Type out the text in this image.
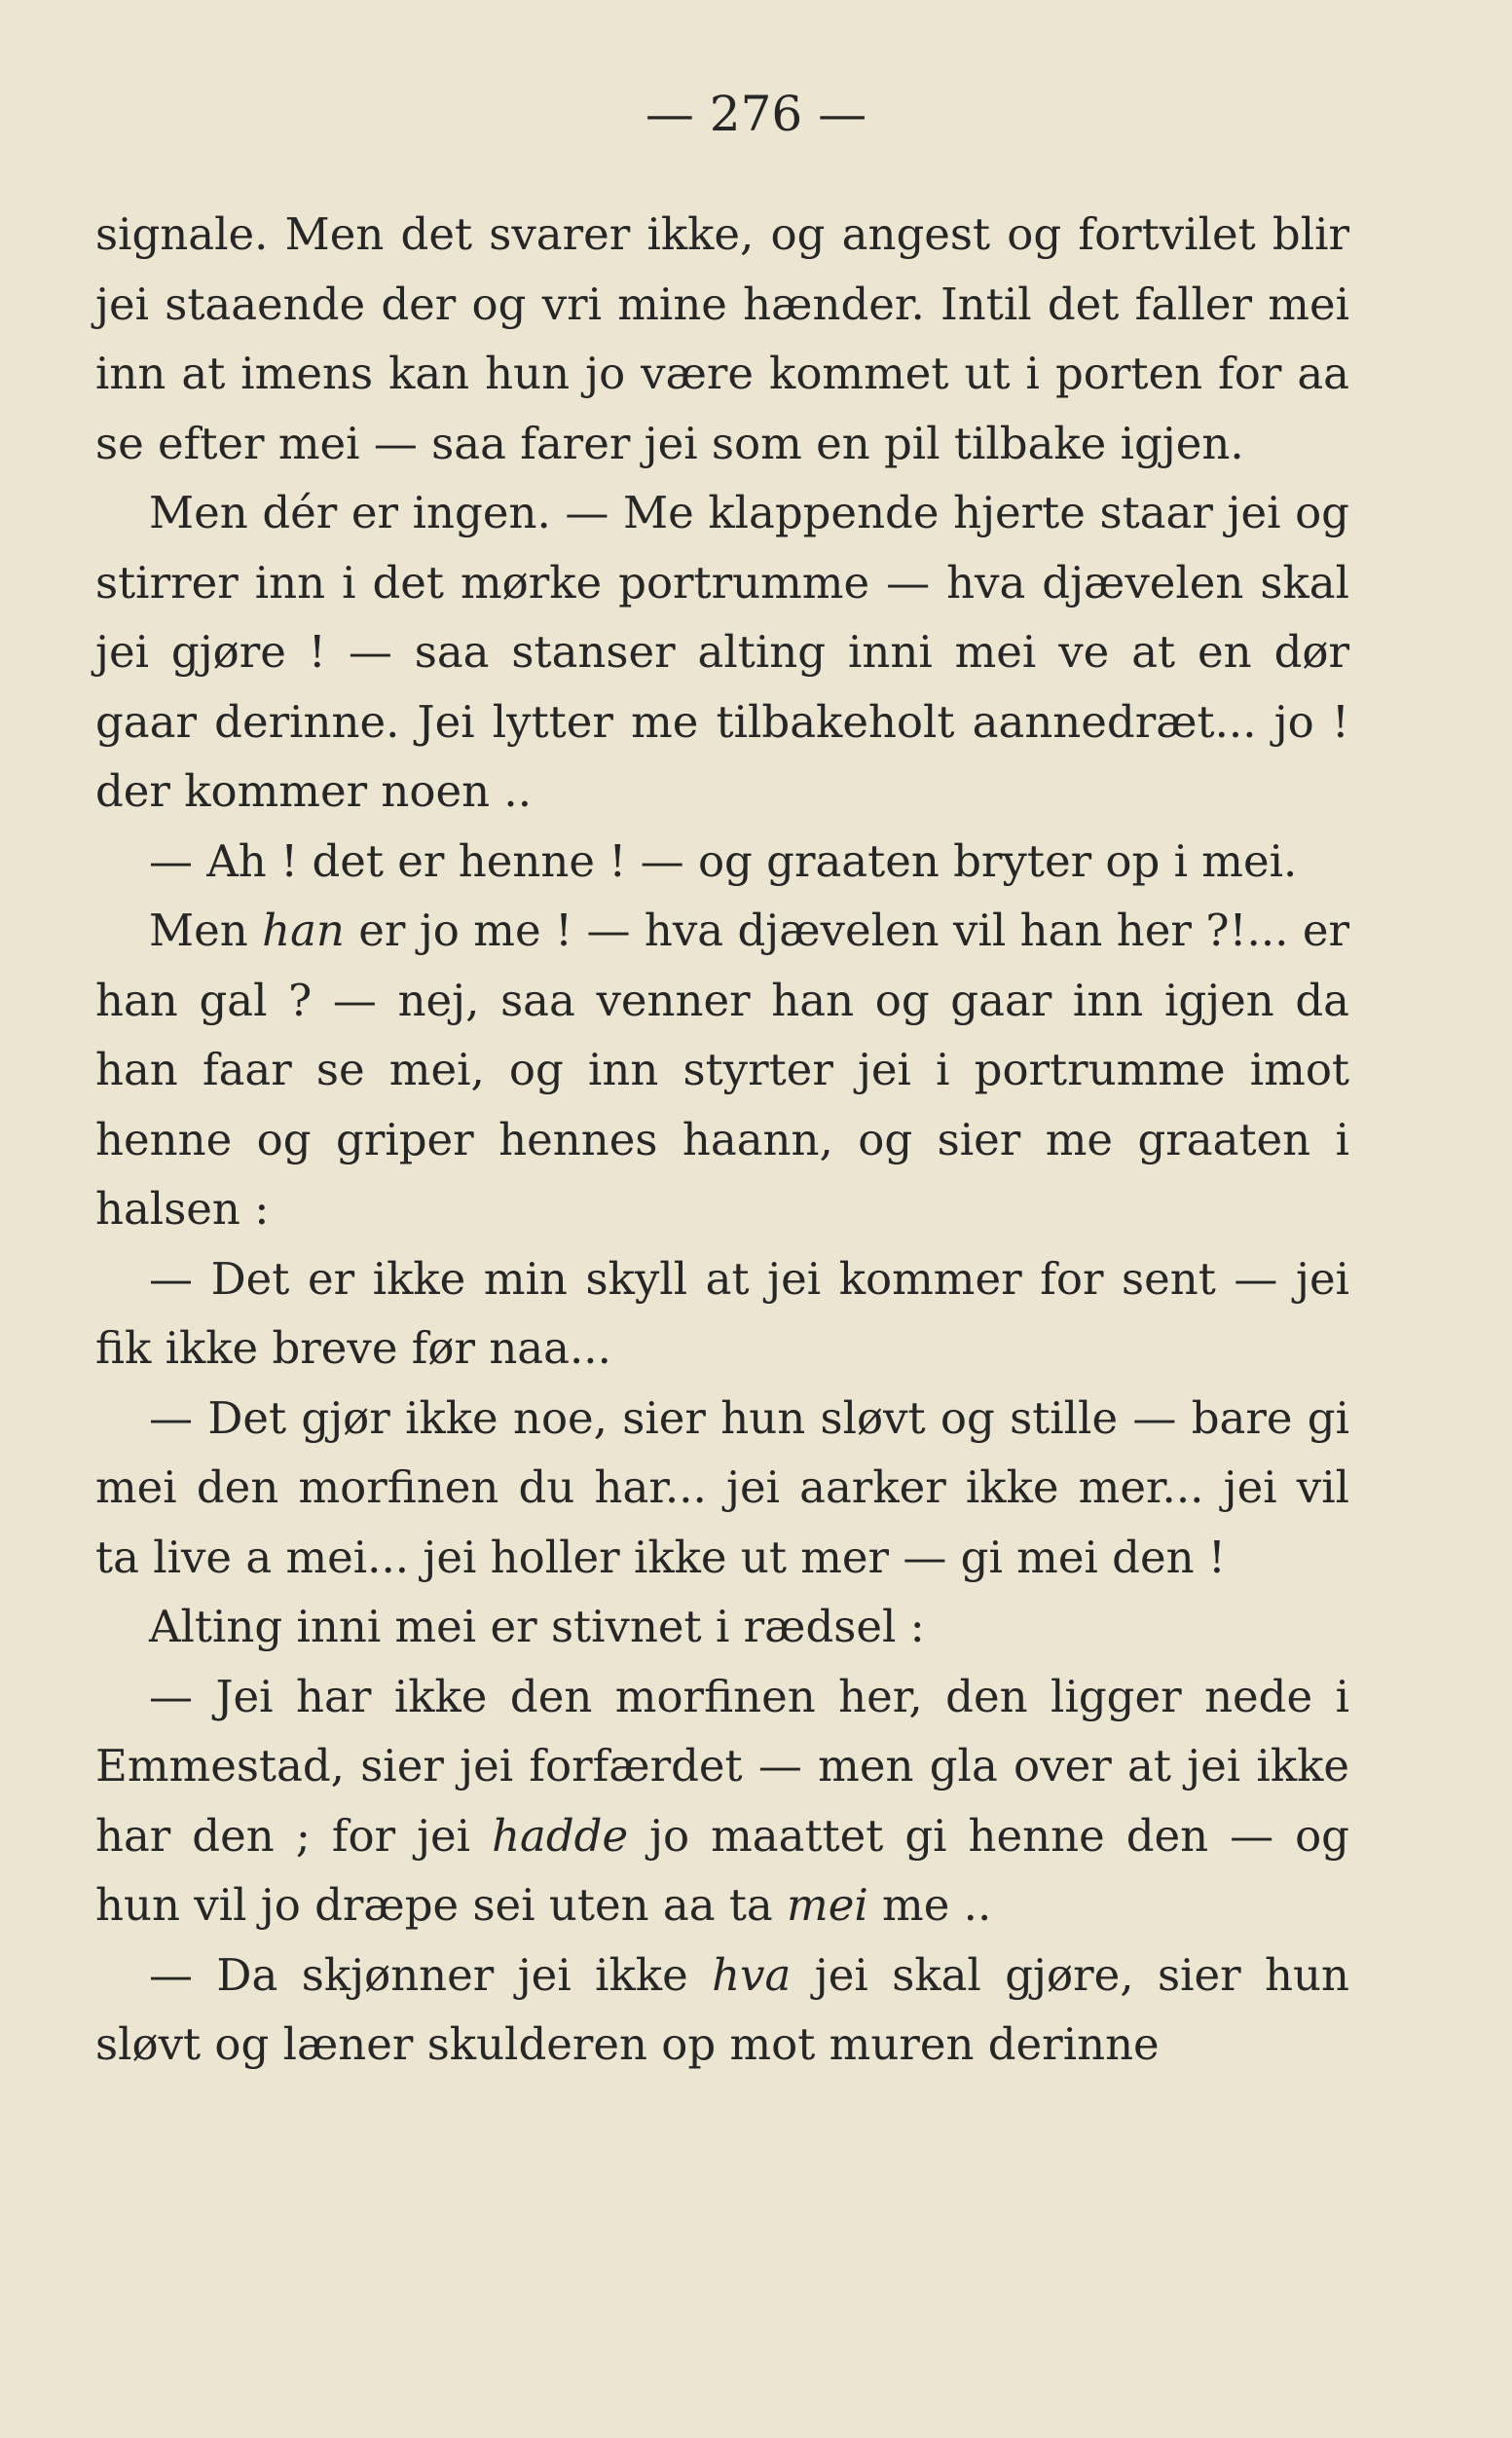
— 276 —

signale. Men det svarer ikke, og angest og fortvilet blir jei staaende der og vri mine hænder. Intil det faller mei inn at imens kan hun jo være kommet ut i porten for aa se efter mei — saa farer jei som en pil tilbake igjen.

Men dér er ingen. — Me klappende hjerte staar jei og stirrer inn i det mørke portrumme — hva djævelen skal jei gjøre ! — saa stanser alting inni mei ve at en dør gaar derinne. Jei lytter me tilbakeholt aannedræt... jo ! der kommer noen ..

— Ah ! det er henne ! — og graaten bryter op i mei.

Men han er jo me ! — hva djævelen vil han her ?!... er han gal ? — nej, saa venner han og gaar inn igjen da han faar se mei, og inn styrter jei i portrumme imot henne og griper hennes haann, og sier me graaten i halsen :

— Det er ikke min skyll at jei kommer for sent — jei fik ikke breve før naa...

— Det gjør ikke noe, sier hun sløvt og stille — bare gi mei den morfinen du har... jei aarker ikke mer... jei vil ta live a mei... jei holler ikke ut mer — gi mei den !

Alting inni mei er stivnet i rædsel :

— Jei har ikke den morfinen her, den ligger nede i Emmestad, sier jei forfærdet — men gla over at jei ikke har den ; for jei hadde jo maattet gi henne den — og hun vil jo dræpe sei uten aa ta mei me ..

— Da skjønner jei ikke hva jei skal gjøre, sier hun sløvt og læner skulderen op mot muren derinne
